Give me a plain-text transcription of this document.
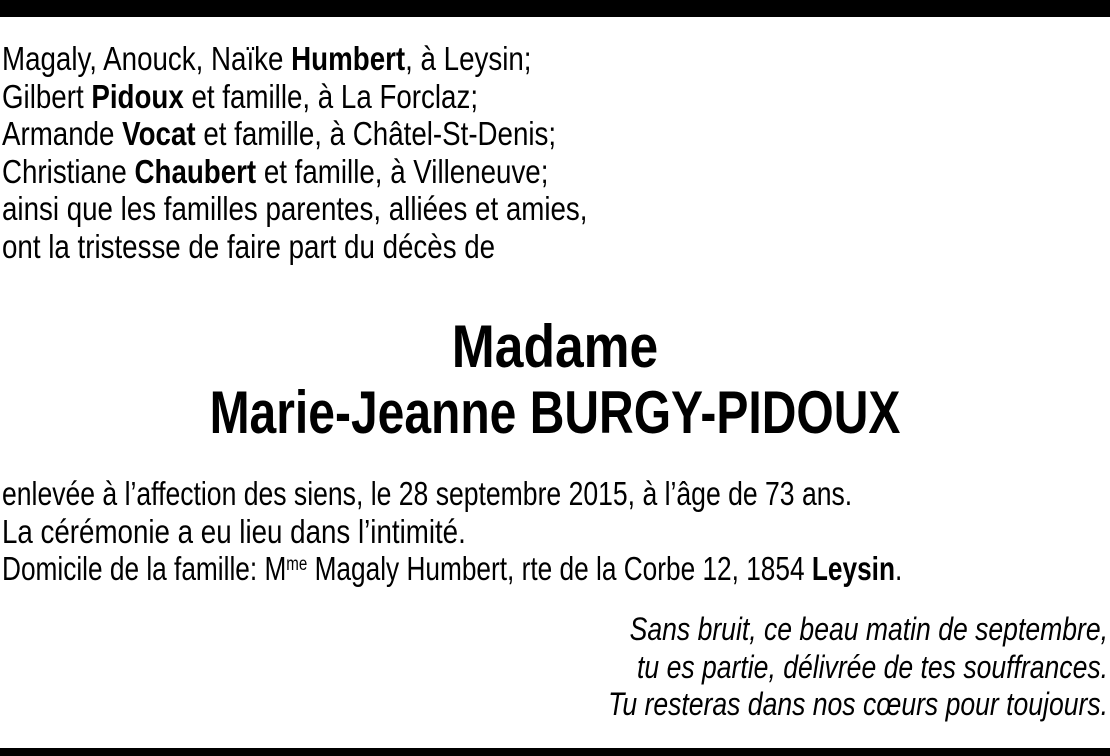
Magaly, Anouck, Naïke Humbert, à Leysin;
Gilbert Pidoux et famille, à La Forclaz;
Armande Vocat et famille, à Châtel-St-Denis;
Christiane Chaubert et famille, à Villeneuve;
ainsi que les familles parentes, alliées et amies,
ont la tristesse de faire part du décès de
Madame
Marie-Jeanne BURGY-PIDOUX
enlevée à l’affection des siens, le 28 septembre 2015, à l’âge de 73 ans.
La cérémonie a eu lieu dans l’intimité.
Domicile de la famille: $M^{me}$ Magaly Humbert, rte de la Corbe 12, 1854 Leysin.
Sans bruit, ce beau matin de septembre,
tu es partie, délivrée de tes souffrances.
Tu resteras dans nos cœurs pour toujours.
